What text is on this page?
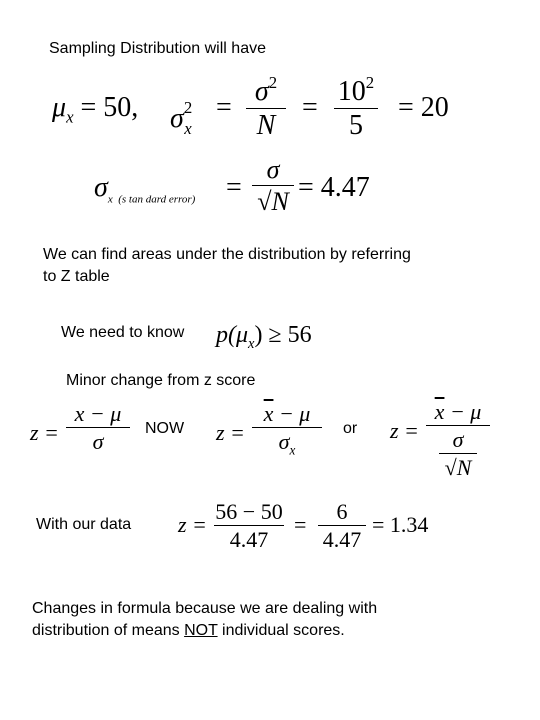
Sampling Distribution will have
$\mu_x = 50$, $\sigma^2_x$
=
$\sigma^2$
N
=
$10^2$
5
= 20
$\sigma_{x (s tan dard error)}$ =
σ
√N = 4.47
We can find areas under the distribution by referring
to Z table
We need to know $p(\mu_x) \ge 56$
Minor change from z score
z =
x − μ
σ
NOW z =
$\overline{x} - \mu$
$\sigma_x$
or z =
$\overline{x} - \mu$
$\frac{\sigma}{√N}$
With our data z =
56 − 50
4.47
=
6
4.47
= 1.34
Changes in formula because we are dealing with
distribution of means NOT individual scores.
